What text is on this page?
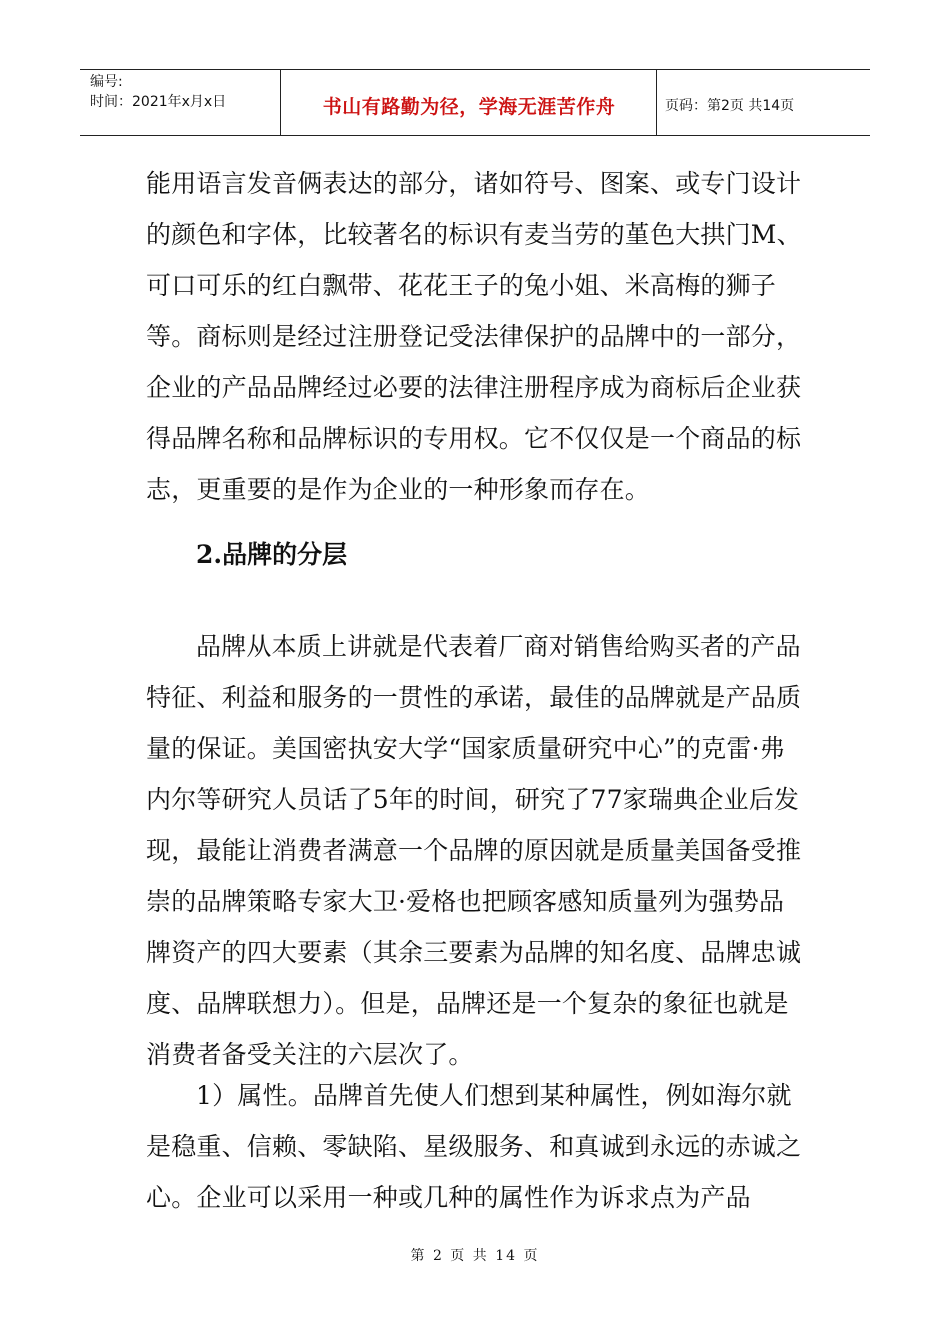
编号:
时间：2021年x月x日	书山有路勤为径，学海无涯苦作舟	页码：第2页 共14页

能用语言发音俩表达的部分，诸如符号、图案、或专门设计的颜色和字体，比较著名的标识有麦当劳的堇色大拱门M、可口可乐的红白飘带、花花王子的兔小姐、米高梅的狮子等。商标则是经过注册登记受法律保护的品牌中的一部分，企业的产品品牌经过必要的法律注册程序成为商标后企业获得品牌名称和品牌标识的专用权。它不仅仅是一个商品的标志，更重要的是作为企业的一种形象而存在。

2.品牌的分层

品牌从本质上讲就是代表着厂商对销售给购买者的产品特征、利益和服务的一贯性的承诺，最佳的品牌就是产品质量的保证。美国密执安大学“国家质量研究中心”的克雷·弗内尔等研究人员话了5年的时间，研究了77家瑞典企业后发现，最能让消费者满意一个品牌的原因就是质量美国备受推崇的品牌策略专家大卫·爱格也把顾客感知质量列为强势品牌资产的四大要素（其余三要素为品牌的知名度、品牌忠诚度、品牌联想力）。但是，品牌还是一个复杂的象征也就是消费者备受关注的六层次了。

1）属性。品牌首先使人们想到某种属性，例如海尔就是稳重、信赖、零缺陷、星级服务、和真诚到永远的赤诚之心。企业可以采用一种或几种的属性作为诉求点为产品

第 2 页 共 14 页
